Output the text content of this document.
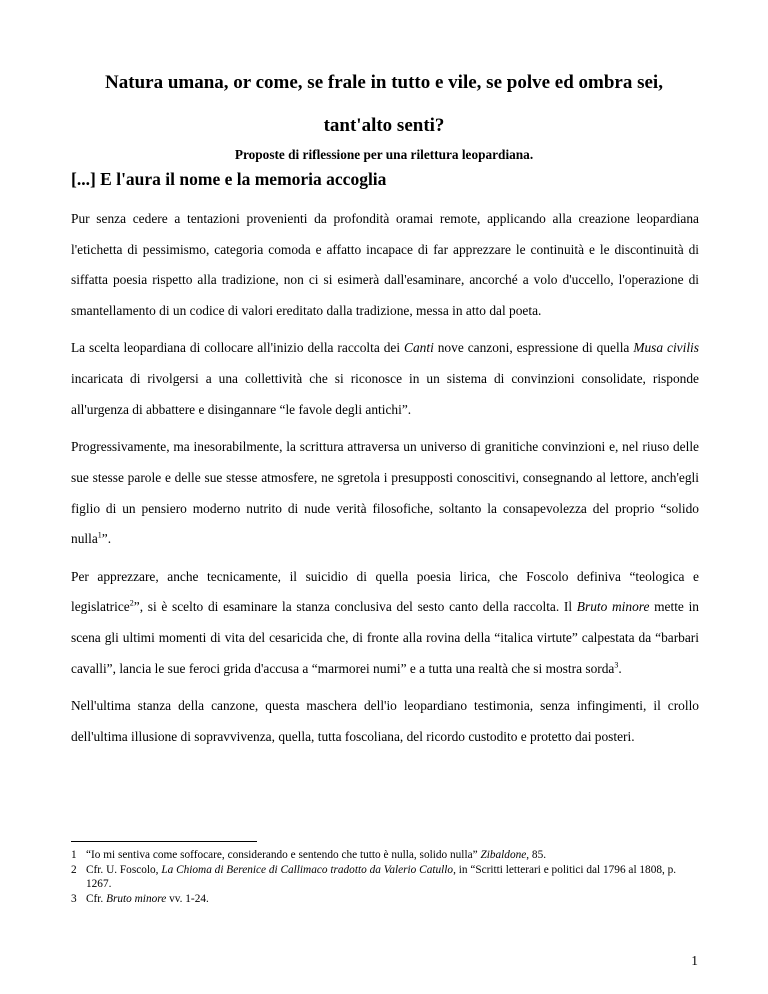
Natura umana, or come, se frale in tutto e vile, se polve ed ombra sei,
tant'alto senti?
Proposte di riflessione per una rilettura leopardiana.
[...] E l'aura il nome e la memoria accoglia

Pur senza cedere a tentazioni provenienti da profondità oramai remote, applicando alla creazione leopardiana l'etichetta di pessimismo, categoria comoda e affatto incapace di far apprezzare le continuità e le discontinuità di siffatta poesia rispetto alla tradizione, non ci si esimerà dall'esaminare, ancorché a volo d'uccello, l'operazione di smantellamento di un codice di valori ereditato dalla tradizione, messa in atto dal poeta.

La scelta leopardiana di collocare all'inizio della raccolta dei Canti nove canzoni, espressione di quella Musa civilis incaricata di rivolgersi a una collettività che si riconosce in un sistema di convinzioni consolidate, risponde all'urgenza di abbattere e disingannare “le favole degli antichi”.

Progressivamente, ma inesorabilmente, la scrittura attraversa un universo di granitiche convinzioni e, nel riuso delle sue stesse parole e delle sue stesse atmosfere, ne sgretola i presupposti conoscitivi, consegnando al lettore, anch'egli figlio di un pensiero moderno nutrito di nude verità filosofiche, soltanto la consapevolezza del proprio “solido nulla$^1$”.

Per apprezzare, anche tecnicamente, il suicidio di quella poesia lirica, che Foscolo definiva “teologica e legislatrice$^2$”, si è scelto di esaminare la stanza conclusiva del sesto canto della raccolta. Il Bruto minore mette in scena gli ultimi momenti di vita del cesaricida che, di fronte alla rovina della “italica virtute” calpestata da “barbari cavalli”, lancia le sue feroci grida d'accusa a “marmorei numi” e a tutta una realtà che si mostra sorda$^3$.

Nell'ultima stanza della canzone, questa maschera dell'io leopardiano testimonia, senza infingimenti, il crollo dell'ultima illusione di sopravvivenza, quella, tutta foscoliana, del ricordo custodito e protetto dai posteri.

1 “Io mi sentiva come soffocare, considerando e sentendo che tutto è nulla, solido nulla” Zibaldone, 85.
2 Cfr. U. Foscolo, La Chioma di Berenice di Callimaco tradotto da Valerio Catullo, in “Scritti letterari e politici dal 1796 al 1808, p. 1267.
3 Cfr. Bruto minore vv. 1-24.

1
